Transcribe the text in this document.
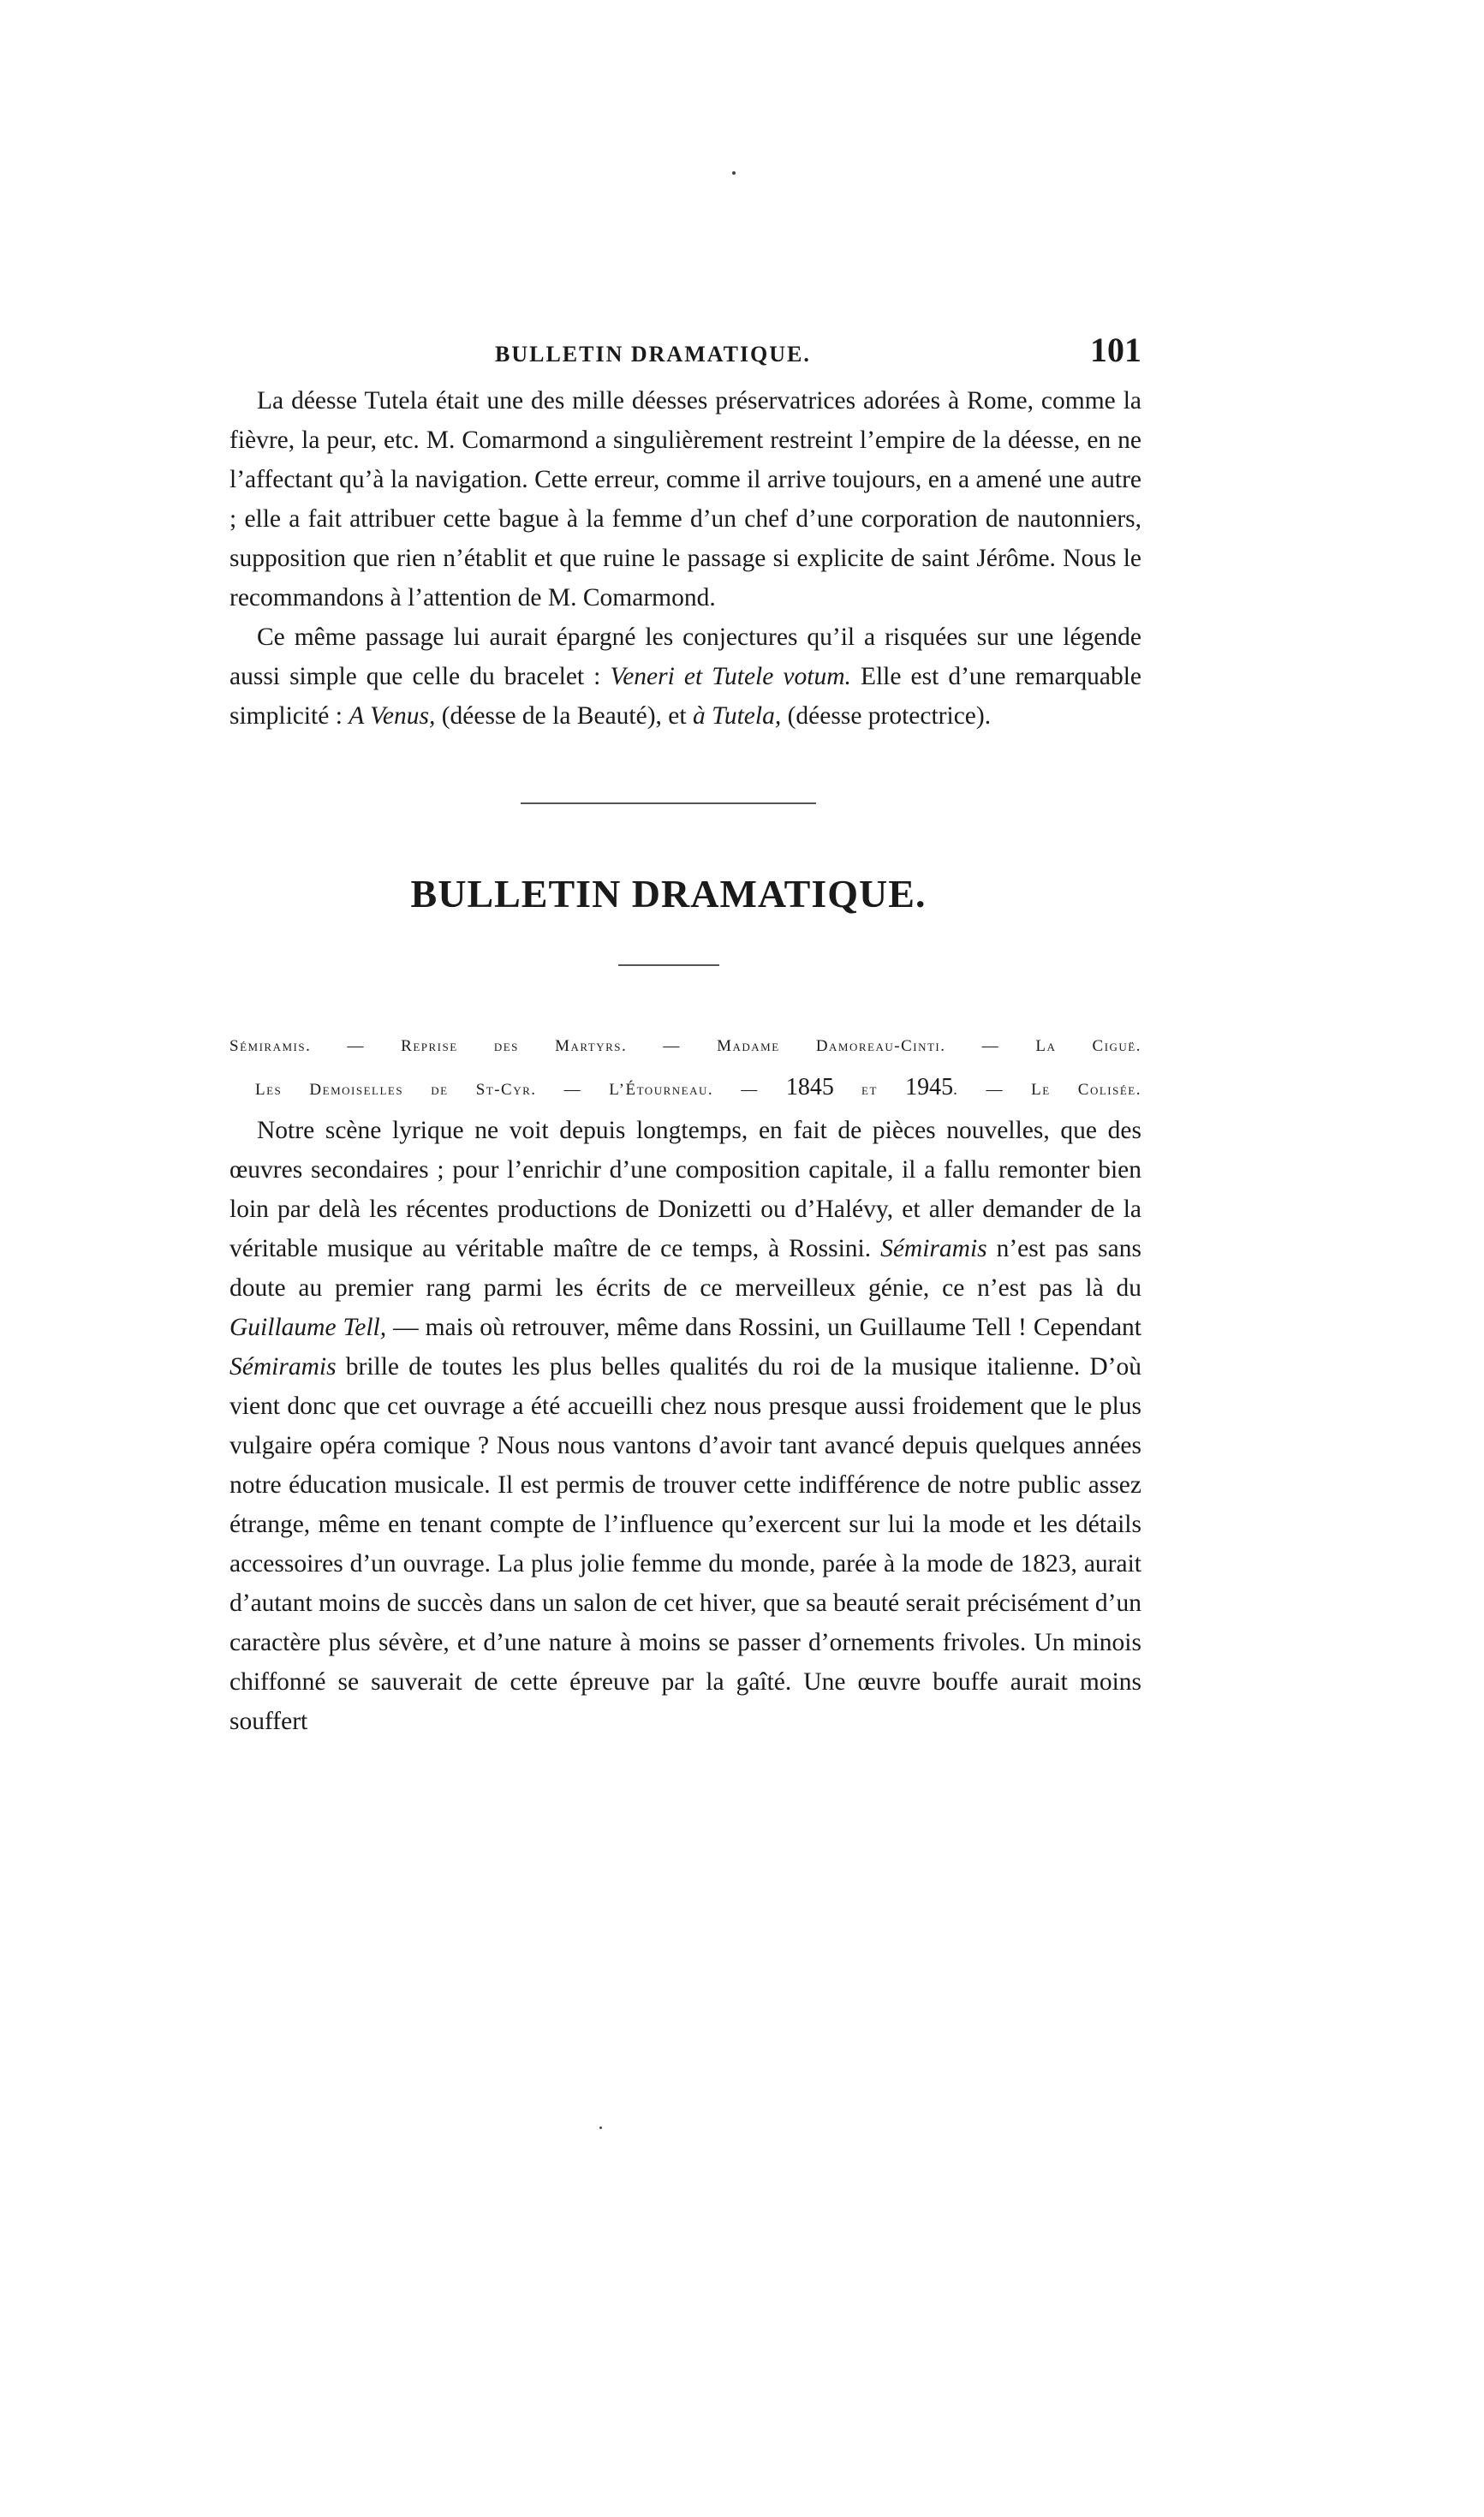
BULLETIN DRAMATIQUE.	101

La déesse Tutela était une des mille déesses préservatrices adorées à Rome, comme la fièvre, la peur, etc. M. Comarmond a singulièrement restreint l’empire de la déesse, en ne l’affectant qu’à la navigation. Cette erreur, comme il arrive toujours, en a amené une autre ; elle a fait attribuer cette bague à la femme d’un chef d’une corporation de nautonniers, supposition que rien n’établit et que ruine le passage si explicite de saint Jérôme. Nous le recommandons à l’attention de M. Comarmond.

Ce même passage lui aurait épargné les conjectures qu’il a risquées sur une légende aussi simple que celle du bracelet : Veneri et Tutele votum. Elle est d’une remarquable simplicité : A Venus, (déesse de la Beauté), et à Tutela, (déesse protectrice).

BULLETIN DRAMATIQUE.
Sémiramis. — Reprise des Martyrs. — Madame Damoreau-Cinti. — La Ciguë.
Les Demoiselles de St-Cyr. — L’Étourneau. — 1845 et 1945. — Le Colisée.

Notre scène lyrique ne voit depuis longtemps, en fait de pièces nouvelles, que des œuvres secondaires ; pour l’enrichir d’une composition capitale, il a fallu remonter bien loin par delà les récentes productions de Donizetti ou d’Halévy, et aller demander de la véritable musique au véritable maître de ce temps, à Rossini. Sémiramis n’est pas sans doute au premier rang parmi les écrits de ce merveilleux génie, ce n’est pas là du Guillaume Tell, — mais où retrouver, même dans Rossini, un Guillaume Tell ! Cependant Sémiramis brille de toutes les plus belles qualités du roi de la musique italienne. D’où vient donc que cet ouvrage a été accueilli chez nous presque aussi froidement que le plus vulgaire opéra comique ? Nous nous vantons d’avoir tant avancé depuis quelques années notre éducation musicale. Il est permis de trouver cette indifférence de notre public assez étrange, même en tenant compte de l’influence qu’exercent sur lui la mode et les détails accessoires d’un ouvrage. La plus jolie femme du monde, parée à la mode de 1823, aurait d’autant moins de succès dans un salon de cet hiver, que sa beauté serait précisément d’un caractère plus sévère, et d’une nature à moins se passer d’ornements frivoles. Un minois chiffonné se sauverait de cette épreuve par la gaîté. Une œuvre bouffe aurait moins souffert
